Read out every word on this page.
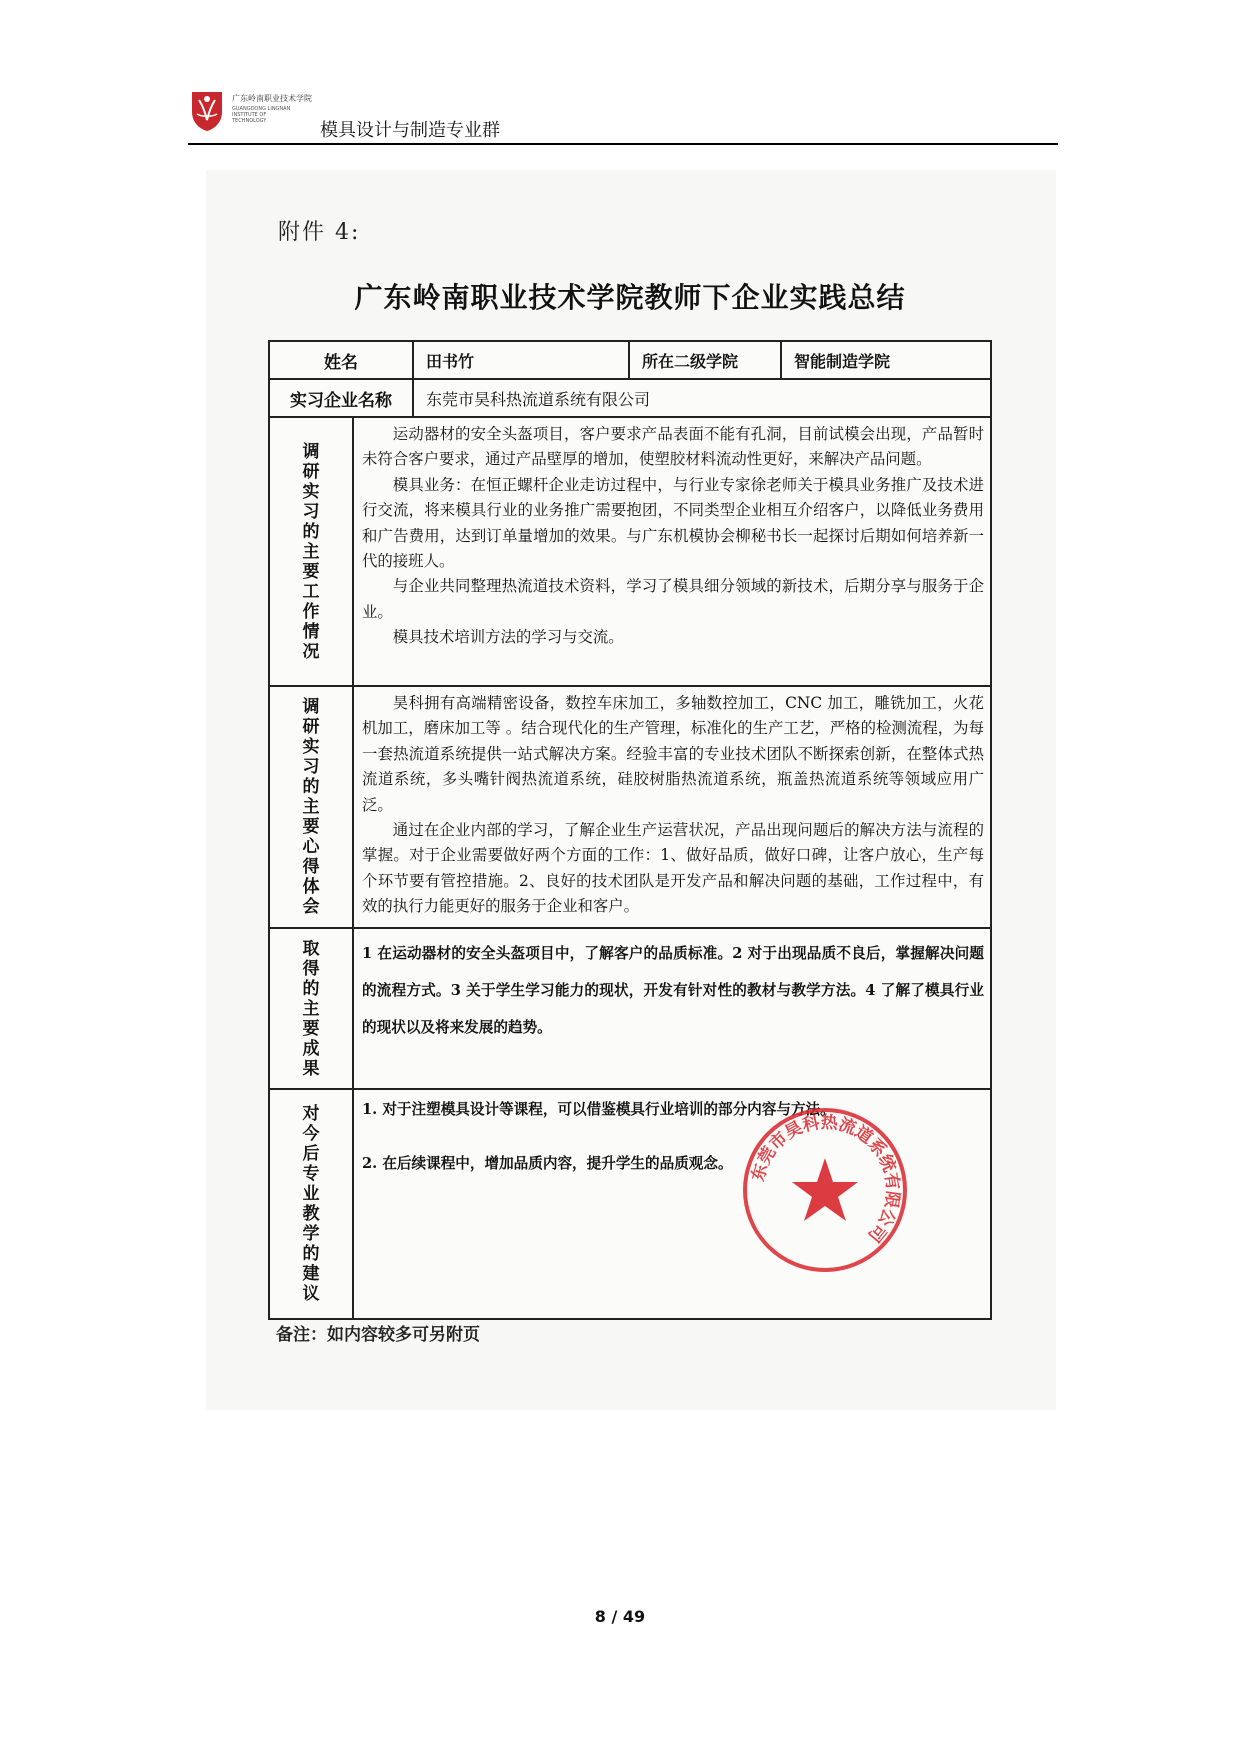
广东岭南职业技术学院
GUANGDONG LINGNAN INSTITUTE OF TECHNOLOGY	模具设计与制造专业群
附件 4:
广东岭南职业技术学院教师下企业实践总结
姓名		田书竹	所在二级学院	智能制造学院
实习企业名称		东莞市昊科热流道系统有限公司		
调研实习的主要工作情况	运动器材的安全头盔项目，客户要求产品表面不能有孔洞，目前试模会出现，产品暂时未符合客户要求，通过产品壁厚的增加，使塑胶材料流动性更好，来解决产品问题。

模具业务：在恒正螺杆企业走访过程中，与行业专家徐老师关于模具业务推广及技术进行交流，将来模具行业的业务推广需要抱团，不同类型企业相互介绍客户，以降低业务费用和广告费用，达到订单量增加的效果。与广东机模协会柳秘书长一起探讨后期如何培养新一代的接班人。

与企业共同整理热流道技术资料，学习了模具细分领域的新技术，后期分享与服务于企业。

模具技术培训方法的学习与交流。			

调研实习的主要心得体会	昊科拥有高端精密设备，数控车床加工，多轴数控加工，CNC 加工，雕铣加工，火花机加工，磨床加工等 。结合现代化的生产管理，标准化的生产工艺，严格的检测流程，为每一套热流道系统提供一站式解决方案。经验丰富的专业技术团队不断探索创新，在整体式热流道系统，多头嘴针阀热流道系统，硅胶树脂热流道系统，瓶盖热流道系统等领域应用广泛。

通过在企业内部的学习，了解企业生产运营状况，产品出现问题后的解决方法与流程的掌握。对于企业需要做好两个方面的工作：1、做好品质，做好口碑，让客户放心，生产每个环节要有管控措施。2、良好的技术团队是开发产品和解决问题的基础，工作过程中，有效的执行力能更好的服务于企业和客户。			

取得的主要成果	1 在运动器材的安全头盔项目中，了解客户的品质标准。2 对于出现品质不良后，掌握解决问题的流程方式。3 关于学生学习能力的现状，开发有针对性的教材与教学方法。4 了解了模具行业的现状以及将来发展的趋势。			
对今后专业教学的建议	1. 对于注塑模具设计等课程，可以借鉴模具行业培训的部分内容与方法。

2. 在后续课程中，增加品质内容，提升学生的品质观念。			东莞市昊科热流道系统有限公司
备注：如内容较多可另附页
8 / 49
